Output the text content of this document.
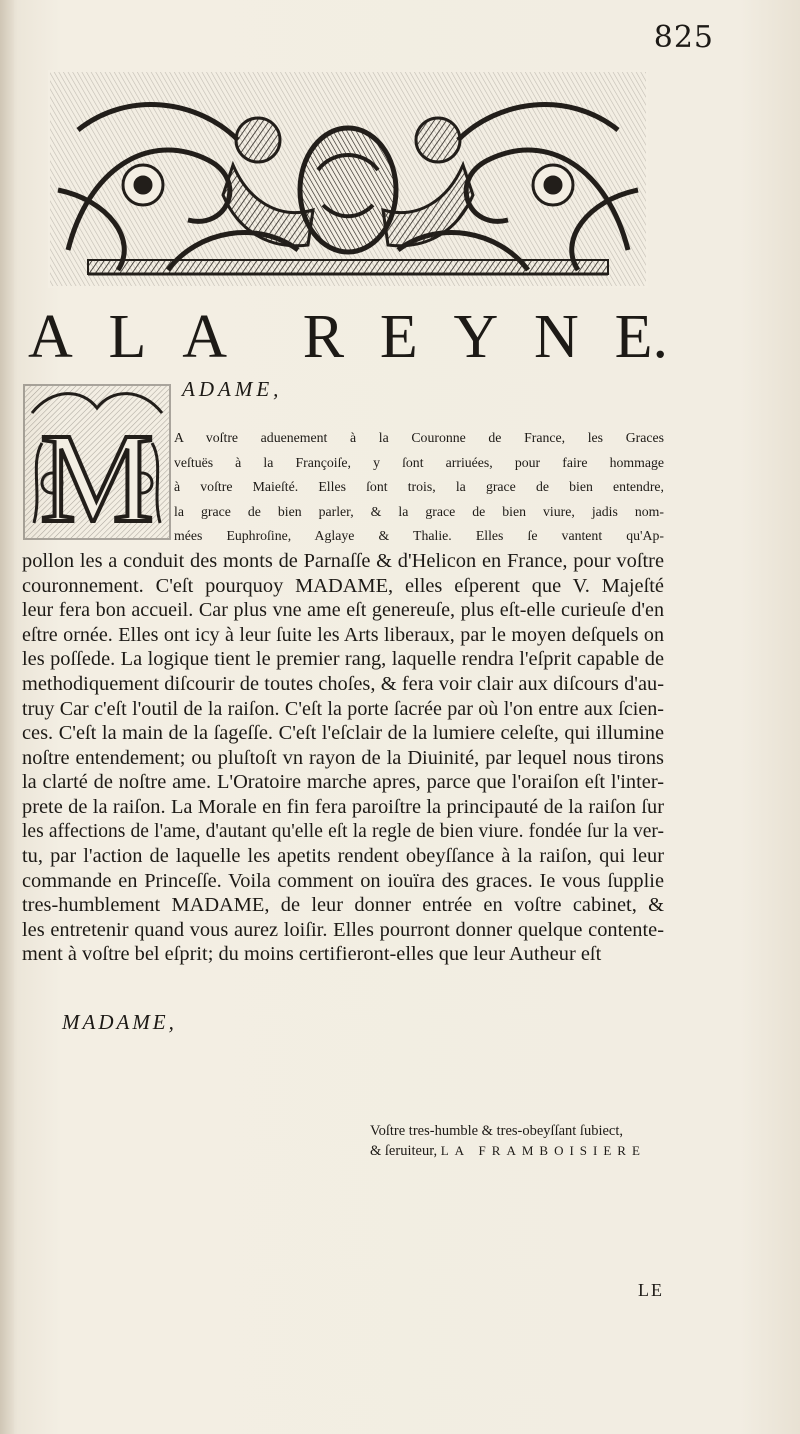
825
A L A R E Y N E.
M
ADAME,
A voſtre aduenement à la Couronne de France, les Graces
veſtuës à la Françoiſe, y ſont arriuées, pour faire hommage
à voſtre Maieſté. Elles ſont trois, la grace de bien entendre,
la grace de bien parler, & la grace de bien viure, jadis nom-
mées Euphroſine, Aglaye & Thalie. Elles ſe vantent qu'Ap-
pollon les a conduit des monts de Parnaſſe & d'Helicon en France, pour voſtre
couronnement. C'eſt pourquoy MADAME, elles eſperent que V. Majeſté
leur fera bon accueil. Car plus vne ame eſt genereuſe, plus eſt-elle curieuſe d'en
eſtre ornée. Elles ont icy à leur ſuite les Arts liberaux, par le moyen deſquels on
les poſſede. La logique tient le premier rang, laquelle rendra l'eſprit capable de
methodiquement diſcourir de toutes choſes, & fera voir clair aux diſcours d'au-
truy Car c'eſt l'outil de la raiſon. C'eſt la porte ſacrée par où l'on entre aux ſcien-
ces. C'eſt la main de la ſageſſe. C'eſt l'eſclair de la lumiere celeſte, qui illumine
noſtre entendement; ou pluſtoſt vn rayon de la Diuinité, par lequel nous tirons
la clarté de noſtre ame. L'Oratoire marche apres, parce que l'oraiſon eſt l'inter-
prete de la raiſon. La Morale en fin fera paroiſtre la principauté de la raiſon ſur
les affections de l'ame, d'autant qu'elle eſt la regle de bien viure. fondée ſur la ver-
tu, par l'action de laquelle les apetits rendent obeyſſance à la raiſon, qui leur
commande en Princeſſe. Voila comment on iouïra des graces. Ie vous ſupplie
tres-humblement MADAME, de leur donner entrée en voſtre cabinet, &
les entretenir quand vous aurez loiſir. Elles pourront donner quelque contente-
ment à voſtre bel eſprit; du moins certifieront-elles que leur Autheur eſt
MADAME,
Voſtre tres-humble & tres-obeyſſant ſubiect,
& ſeruiteur, LA FRAMBOISIERE
LE
